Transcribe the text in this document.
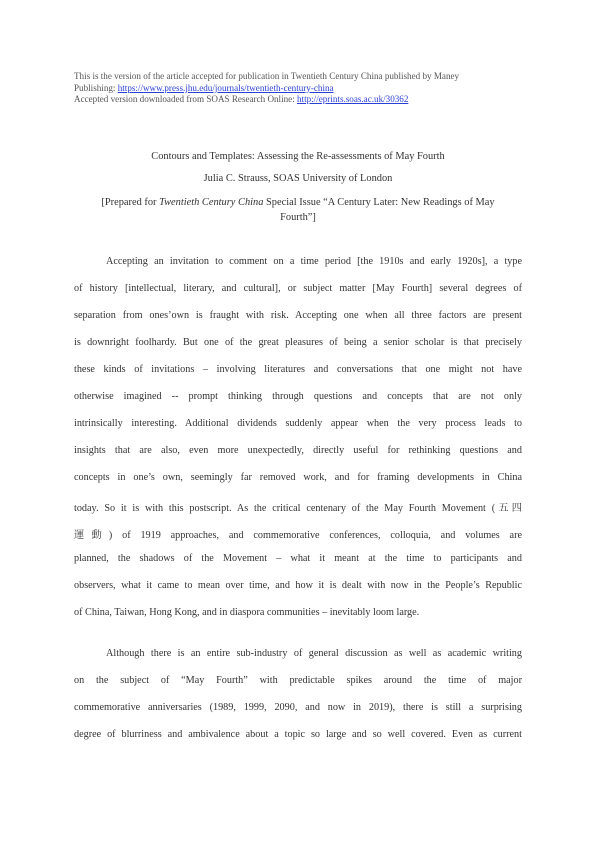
This is the version of the article accepted for publication in Twentieth Century China published by Maney
Publishing: https://www.press.jhu.edu/journals/twentieth-century-china
Accepted version downloaded from SOAS Research Online: http://eprints.soas.ac.uk/30362
Contours and Templates: Assessing the Re-assessments of May Fourth
Julia C. Strauss, SOAS University of London
[Prepared for Twentieth Century China Special Issue “A Century Later: New Readings of May
Fourth”]
Accepting an invitation to comment on a time period [the 1910s and early 1920s], a type
of history [intellectual, literary, and cultural], or subject matter [May Fourth] several degrees of
separation from ones’own is fraught with risk. Accepting one when all three factors are present
is downright foolhardy. But one of the great pleasures of being a senior scholar is that precisely
these kinds of invitations – involving literatures and conversations that one might not have
otherwise imagined -- prompt thinking through questions and concepts that are not only
intrinsically interesting. Additional dividends suddenly appear when the very process leads to
insights that are also, even more unexpectedly, directly useful for rethinking questions and
concepts in one’s own, seemingly far removed work, and for framing developments in China
today. So it is with this postscript. As the critical centenary of the May Fourth Movement (五四
運動) of 1919 approaches, and commemorative conferences, colloquia, and volumes are
planned, the shadows of the Movement – what it meant at the time to participants and
observers, what it came to mean over time, and how it is dealt with now in the People’s Republic
of China, Taiwan, Hong Kong, and in diaspora communities – inevitably loom large.
Although there is an entire sub-industry of general discussion as well as academic writing
on the subject of “May Fourth” with predictable spikes around the time of major
commemorative anniversaries (1989, 1999, 2090, and now in 2019), there is still a surprising
degree of blurriness and ambivalence about a topic so large and so well covered. Even as current
